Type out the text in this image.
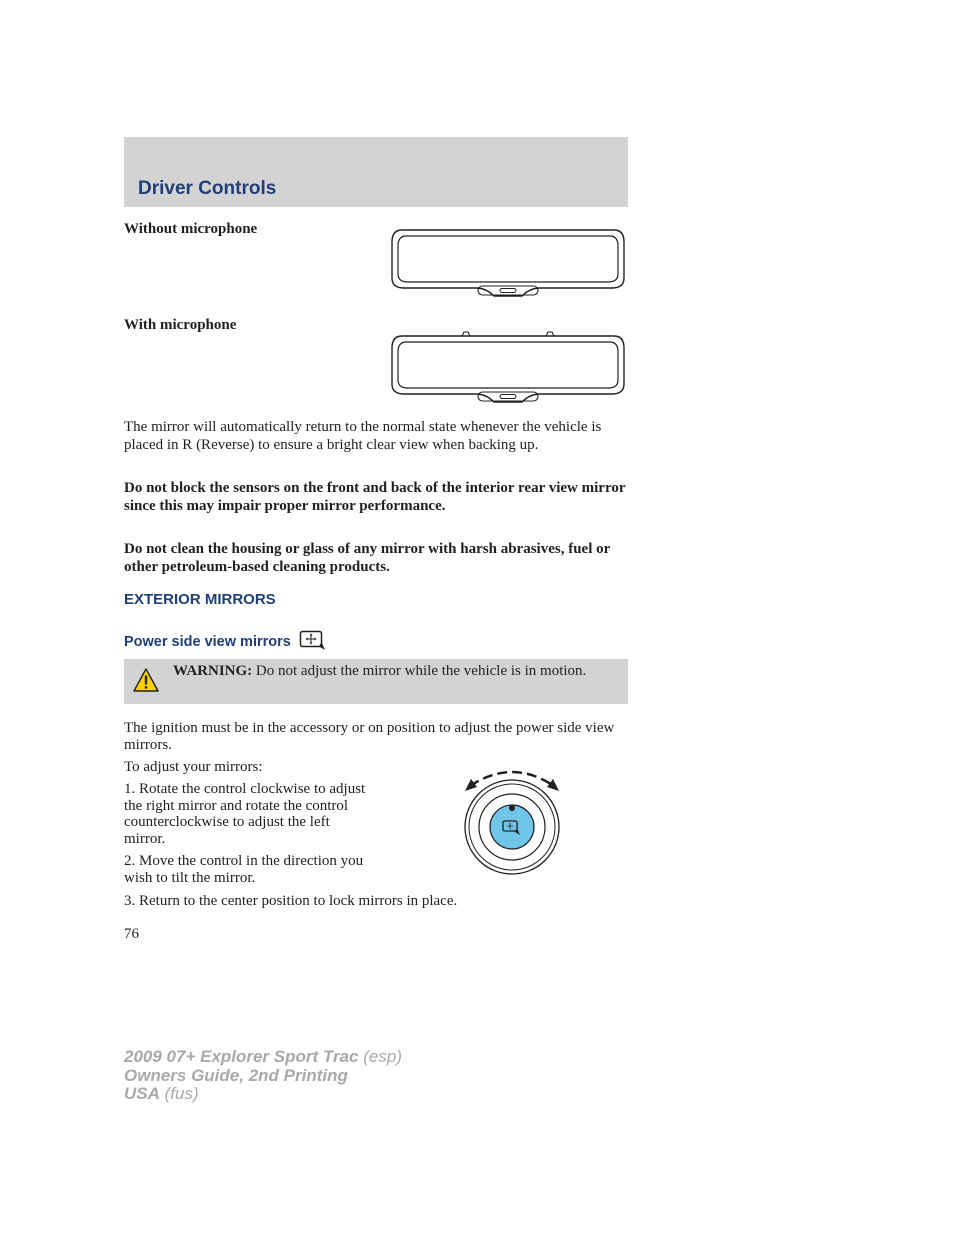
Driver Controls
Without microphone
With microphone
The mirror will automatically return to the normal state whenever the vehicle is placed in R (Reverse) to ensure a bright clear view when backing up.
Do not block the sensors on the front and back of the interior rear view mirror since this may impair proper mirror performance.
Do not clean the housing or glass of any mirror with harsh abrasives, fuel or other petroleum-based cleaning products.
EXTERIOR MIRRORS
Power side view mirrors
WARNING: Do not adjust the mirror while the vehicle is in motion.
The ignition must be in the accessory or on position to adjust the power side view mirrors.
To adjust your mirrors:
1. Rotate the control clockwise to adjust the right mirror and rotate the control counterclockwise to adjust the left mirror.
2. Move the control in the direction you wish to tilt the mirror.
3. Return to the center position to lock mirrors in place.
76
2009 07+ Explorer Sport Trac (esp)
Owners Guide, 2nd Printing
USA (fus)
